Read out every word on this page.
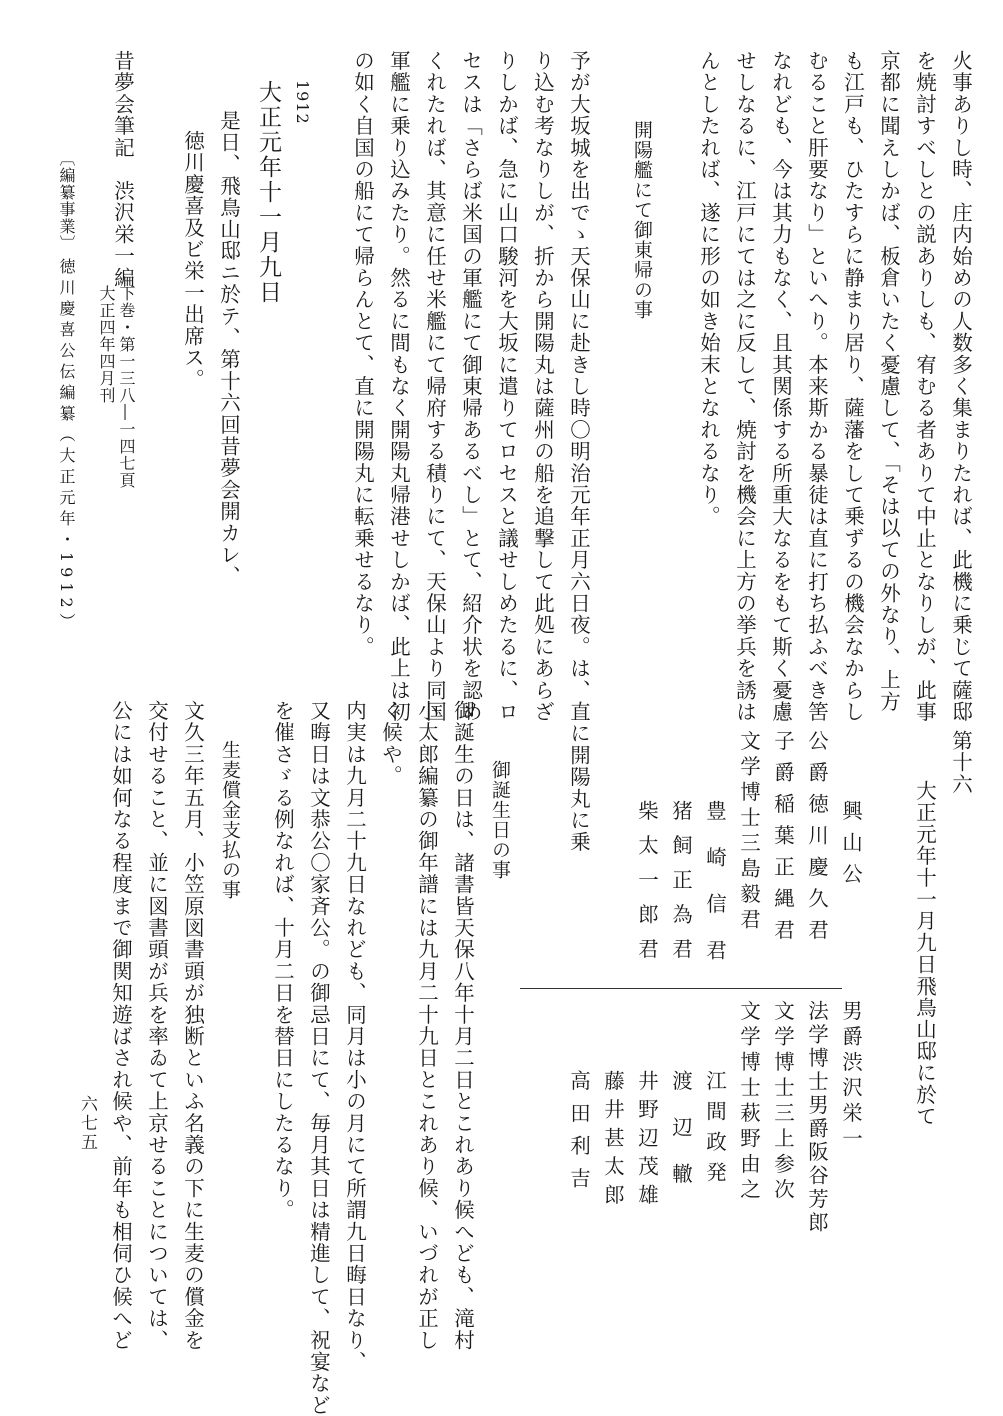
火事ありし時、庄内始めの人数多く集まりたれば、此機に乗じて薩邸

を焼討すべしとの説ありしも、宥むる者ありて中止となりしが、此事

京都に聞えしかば、板倉いたく憂慮して、「そは以ての外なり、上方

も江戸も、ひたすらに静まり居り、薩藩をして乗ずるの機会なからし

むること肝要なり」といへり。本来斯かる暴徒は直に打ち払ふべき筈

なれども、今は其力もなく、且其関係する所重大なるをもて斯く憂慮

せしなるに、江戸にては之に反して、焼討を機会に上方の挙兵を誘は

んとしたれば、遂に形の如き始末となれるなり。

開陽艦にて御東帰の事

予が大坂城を出でゝ天保山に赴きし時〇明治元年正月六日夜。は、直に開陽丸に乗

り込む考なりしが、折から開陽丸は薩州の船を追撃して此処にあらざ

りしかば、急に山口駿河を大坂に遣りてロセスと議せしめたるに、ロ

セスは「さらば米国の軍艦にて御東帰あるべし」とて、紹介状を認め

くれたれば、其意に任せ米艦にて帰府する積りにて、天保山より同国

軍艦に乗り込みたり。然るに間もなく開陽丸帰港せしかば、此上は初

の如く自国の船にて帰らんとて、直に開陽丸に転乗せるなり。

1912

大正元年十一月九日

是日、飛鳥山邸ニ於テ、第十六回昔夢会開カレ、

徳川慶喜及ビ栄一出席ス。

昔夢会筆記

渋沢栄一編

下巻・第一三八―一四七頁

大正四年四月刊

〔編纂事業〕

徳川慶喜公伝編纂（大正元年・1912）

第十六

大正元年十一月九日飛鳥山邸に於て

興山公

公爵徳川慶久君

子爵稲葉正縄君

文学博士三島毅君

豊崎信君

猪飼正為君

柴太一郎君

男爵渋沢栄一

法学博士男爵阪谷芳郎

文学博士三上参次

文学博士萩野由之

江間政発

渡辺轍

井野辺茂雄

藤井甚太郎

高田利吉

御誕生日の事

御誕生の日は、諸書皆天保八年十月二日とこれあり候へども、滝村

小太郎編纂の御年譜には九月二十九日とこれあり候、いづれが正し

く候や。

内実は九月二十九日なれども、同月は小の月にて所謂九日晦日なり、

又晦日は文恭公〇家斉公。の御忌日にて、毎月其日は精進して、祝宴など

を催さゞる例なれば、十月二日を替日にしたるなり。

生麦償金支払の事

文久三年五月、小笠原図書頭が独断といふ名義の下に生麦の償金を

交付せること、並に図書頭が兵を率ゐて上京せることについては、

公には如何なる程度まで御関知遊ばされ候や、前年も相伺ひ候へど

六七五
